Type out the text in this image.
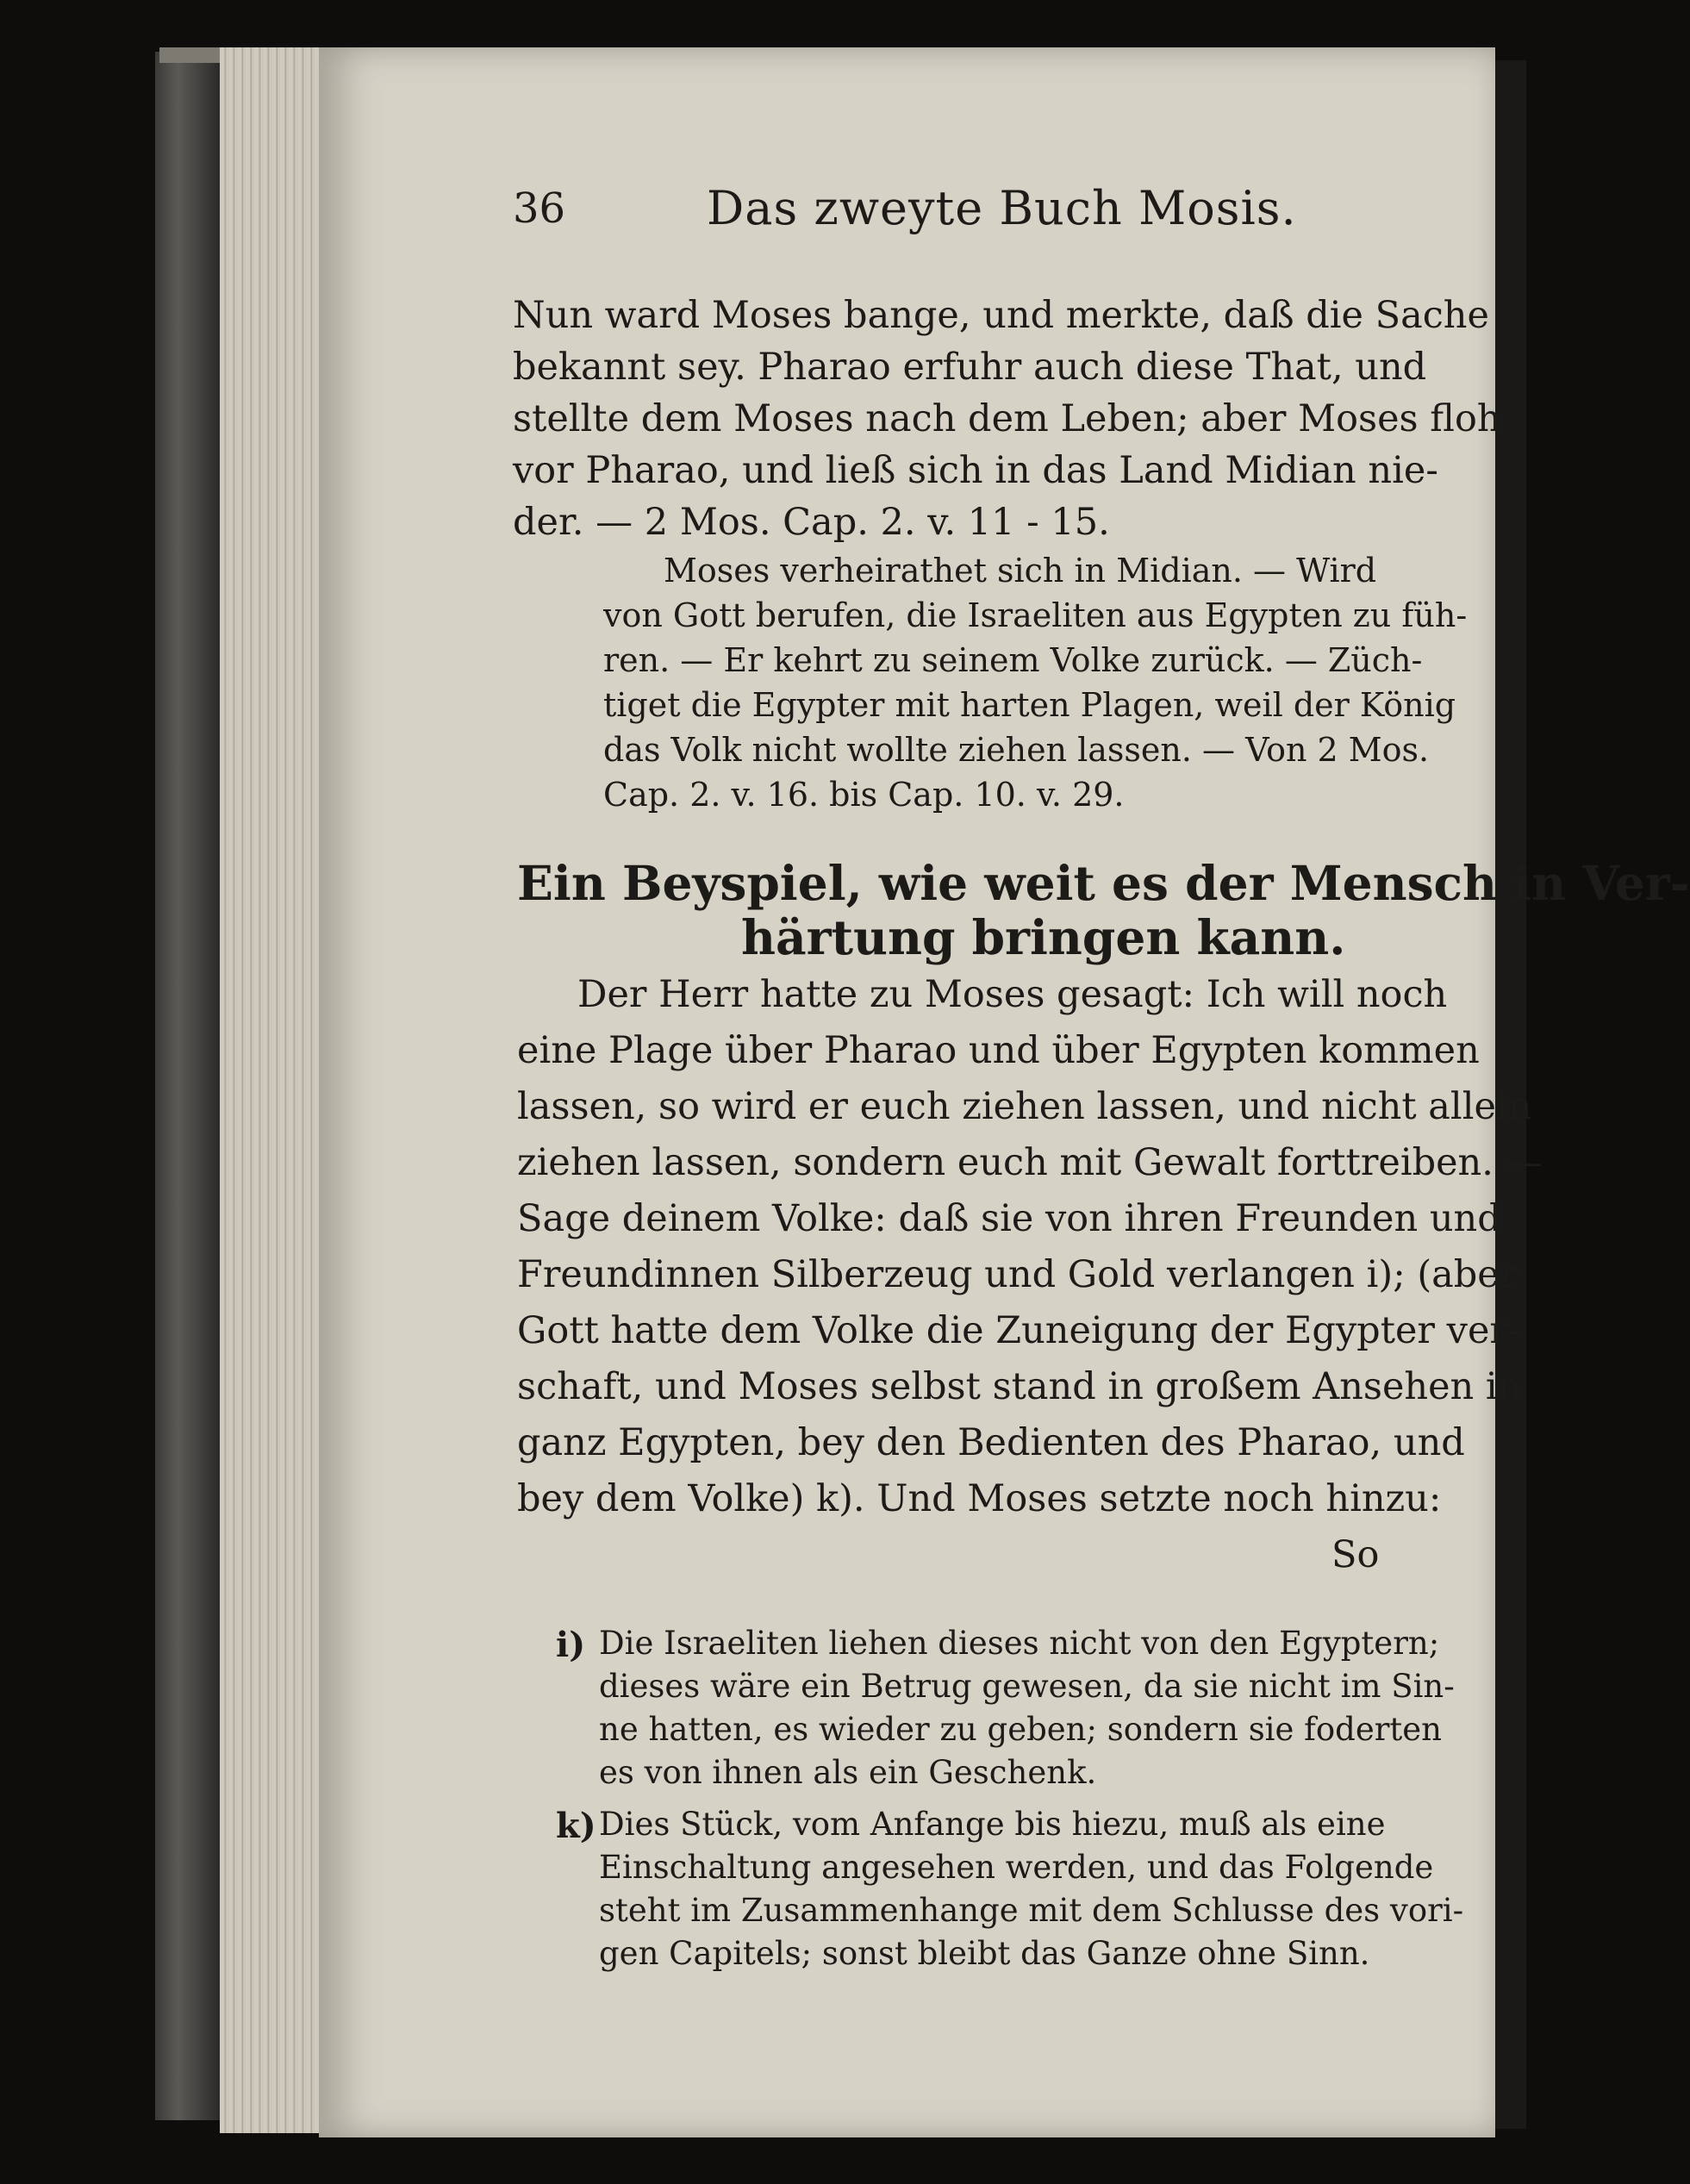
36	Das zweyte Buch Mosis.
Nun ward Moses bange, und merkte, daß die Sache
bekannt sey. Pharao erfuhr auch diese That, und
stellte dem Moses nach dem Leben; aber Moses floh
vor Pharao, und ließ sich in das Land Midian nie-
der. — 2 Mos. Cap. 2. v. 11 - 15.
Moses verheirathet sich in Midian. — Wird
von Gott berufen, die Israeliten aus Egypten zu füh-
ren. — Er kehrt zu seinem Volke zurück. — Züch-
tiget die Egypter mit harten Plagen, weil der König
das Volk nicht wollte ziehen lassen. — Von 2 Mos.
Cap. 2. v. 16. bis Cap. 10. v. 29.
Ein Beyspiel, wie weit es der Mensch in Ver-
härtung bringen kann.
Der Herr hatte zu Moses gesagt: Ich will noch
eine Plage über Pharao und über Egypten kommen
lassen, so wird er euch ziehen lassen, und nicht allein
ziehen lassen, sondern euch mit Gewalt forttreiben. —
Sage deinem Volke: daß sie von ihren Freunden und
Freundinnen Silberzeug und Gold verlangen i); (aber
Gott hatte dem Volke die Zuneigung der Egypter ver-
schaft, und Moses selbst stand in großem Ansehen in
ganz Egypten, bey den Bedienten des Pharao, und
bey dem Volke) k). Und Moses setzte noch hinzu:
So
i) Die Israeliten liehen dieses nicht von den Egyptern;
dieses wäre ein Betrug gewesen, da sie nicht im Sin-
ne hatten, es wieder zu geben; sondern sie foderten
es von ihnen als ein Geschenk.
k) Dies Stück, vom Anfange bis hiezu, muß als eine
Einschaltung angesehen werden, und das Folgende
steht im Zusammenhange mit dem Schlusse des vori-
gen Capitels; sonst bleibt das Ganze ohne Sinn.
